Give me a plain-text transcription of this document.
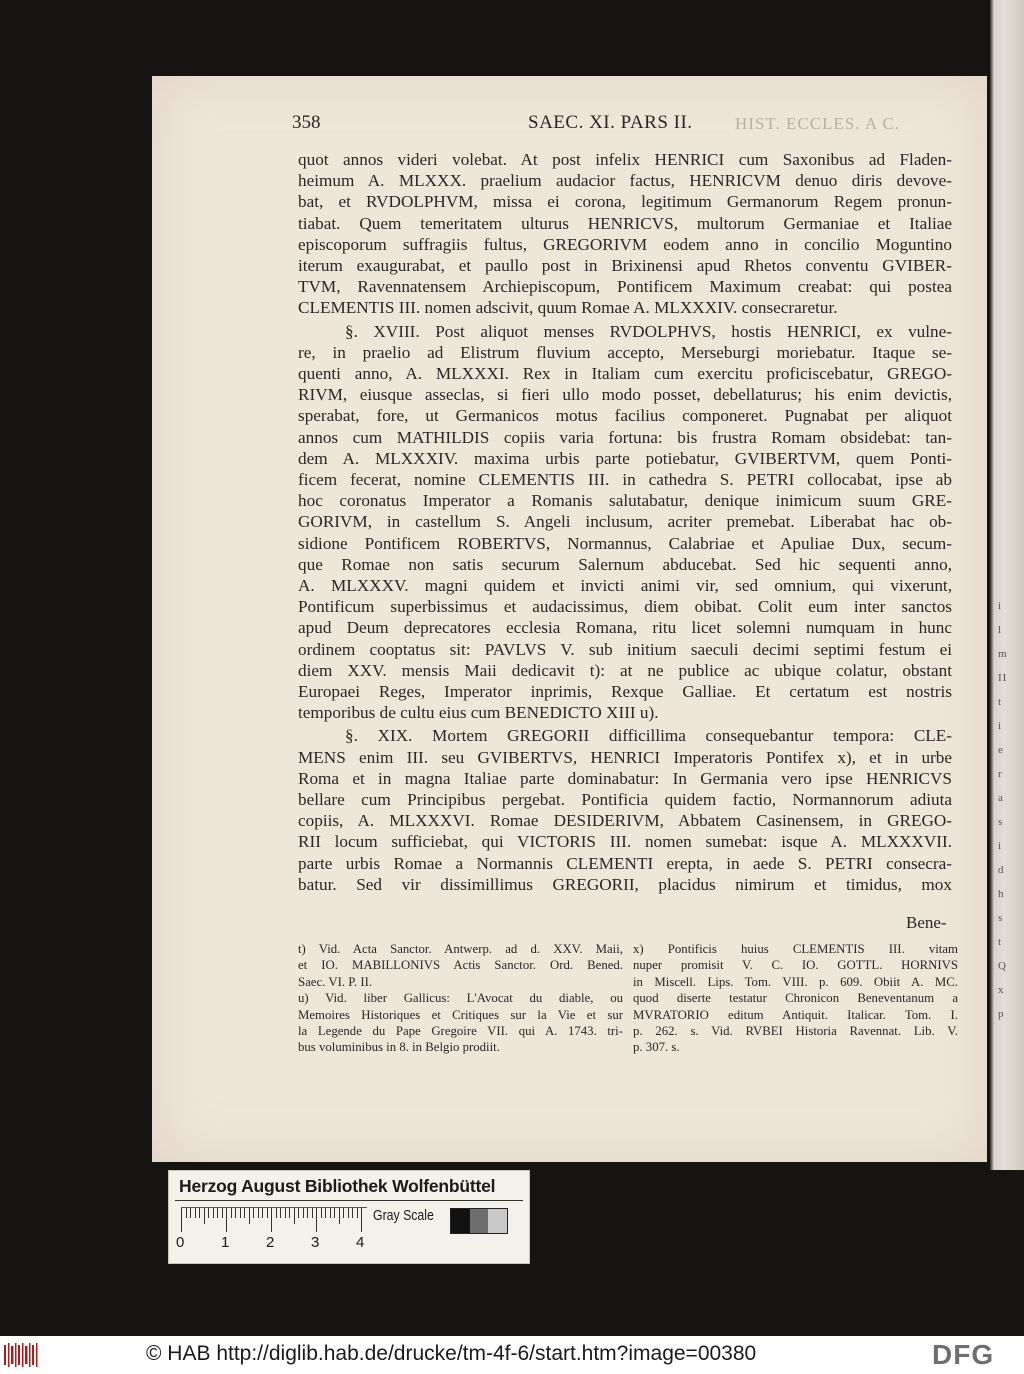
i
l
m
II
t
i
e
r
a
s
i
d
h
s
t
Q
x
p
358	SAEC. XI. PARS II. HIST. ECCLES. A C.
quot annos videri volebat. At post infelix HENRICI cum Saxonibus ad Fladen-
heimum A. MLXXX. praelium audacior factus, HENRICVM denuo diris devove-
bat, et RVDOLPHVM, missa ei corona, legitimum Germanorum Regem pronun-
tiabat. Quem temeritatem ulturus HENRICVS, multorum Germaniae et Italiae
episcoporum suffragiis fultus, GREGORIVM eodem anno in concilio Moguntino
iterum exaugurabat, et paullo post in Brixinensi apud Rhetos conventu GVIBER-
TVM, Ravennatensem Archiepiscopum, Pontificem Maximum creabat: qui postea
CLEMENTIS III. nomen adscivit, quum Romae A. MLXXXIV. consecraretur.
§. XVIII. Post aliquot menses RVDOLPHVS, hostis HENRICI, ex vulne-
re, in praelio ad Elistrum fluvium accepto, Merseburgi moriebatur. Itaque se-
quenti anno, A. MLXXXI. Rex in Italiam cum exercitu proficiscebatur, GREGO-
RIVM, eiusque asseclas, si fieri ullo modo posset, debellaturus; his enim devictis,
sperabat, fore, ut Germanicos motus facilius componeret. Pugnabat per aliquot
annos cum MATHILDIS copiis varia fortuna: bis frustra Romam obsidebat: tan-
dem A. MLXXXIV. maxima urbis parte potiebatur, GVIBERTVM, quem Ponti-
ficem fecerat, nomine CLEMENTIS III. in cathedra S. PETRI collocabat, ipse ab
hoc coronatus Imperator a Romanis salutabatur, denique inimicum suum GRE-
GORIVM, in castellum S. Angeli inclusum, acriter premebat. Liberabat hac ob-
sidione Pontificem ROBERTVS, Normannus, Calabriae et Apuliae Dux, secum-
que Romae non satis securum Salernum abducebat. Sed hic sequenti anno,
A. MLXXXV. magni quidem et invicti animi vir, sed omnium, qui vixerunt,
Pontificum superbissimus et audacissimus, diem obibat. Colit eum inter sanctos
apud Deum deprecatores ecclesia Romana, ritu licet solemni numquam in hunc
ordinem cooptatus sit: PAVLVS V. sub initium saeculi decimi septimi festum ei
diem XXV. mensis Maii dedicavit t): at ne publice ac ubique colatur, obstant
Europaei Reges, Imperator inprimis, Rexque Galliae. Et certatum est nostris
temporibus de cultu eius cum BENEDICTO XIII u).
§. XIX. Mortem GREGORII difficillima consequebantur tempora: CLE-
MENS enim III. seu GVIBERTVS, HENRICI Imperatoris Pontifex x), et in urbe
Roma et in magna Italiae parte dominabatur: In Germania vero ipse HENRICVS
bellare cum Principibus pergebat. Pontificia quidem factio, Normannorum adiuta
copiis, A. MLXXXVI. Romae DESIDERIVM, Abbatem Casinensem, in GREGO-
RII locum sufficiebat, qui VICTORIS III. nomen sumebat: isque A. MLXXXVII.
parte urbis Romae a Normannis CLEMENTI erepta, in aede S. PETRI consecra-
batur. Sed vir dissimillimus GREGORII, placidus nimirum et timidus, mox
Bene-
t) Vid. Acta Sanctor. Antwerp. ad d. XXV. Maii,
et IO. MABILLONIVS Actis Sanctor. Ord. Bened.
Saec. VI. P. II.
u) Vid. liber Gallicus: L'Avocat du diable, ou
Memoires Historiques et Critiques sur la Vie et sur
la Legende du Pape Gregoire VII. qui A. 1743. tri-
bus voluminibus in 8. in Belgio prodiit.
x) Pontificis huius CLEMENTIS III. vitam
nuper promisit V. C. IO. GOTTL. HORNIVS
in Miscell. Lips. Tom. VIII. p. 609. Obiit A. MC.
quod diserte testatur Chronicon Beneventanum a
MVRATORIO editum Antiquit. Italicar. Tom. I.
p. 262. s. Vid. RVBEI Historia Ravennat. Lib. V.
p. 307. s.
Herzog August Bibliothek Wolfenbüttel
Gray Scale
0 1 2 3 4
© HAB http://diglib.hab.de/drucke/tm-4f-6/start.htm?image=00380	DFG
